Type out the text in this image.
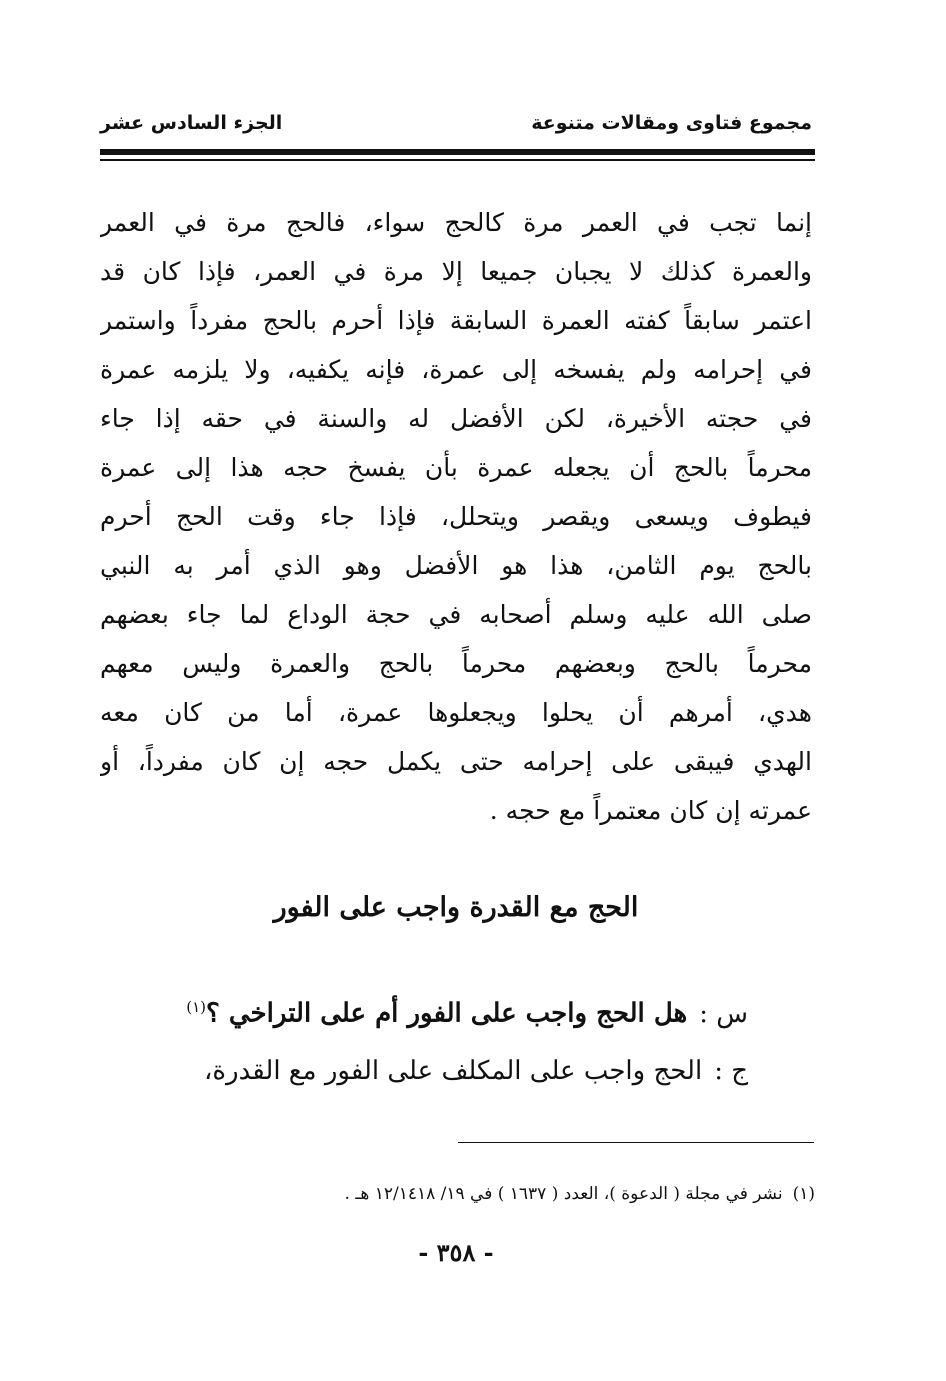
مجموع فتاوى ومقالات متنوعة
الجزء السادس عشر
إنما تجب في العمر مرة كالحج سواء، فالحج مرة في العمر
والعمرة كذلك لا يجبان جميعا إلا مرة في العمر، فإذا كان قد
اعتمر سابقاً كفته العمرة السابقة فإذا أحرم بالحج مفرداً واستمر
في إحرامه ولم يفسخه إلى عمرة، فإنه يكفيه، ولا يلزمه عمرة
في حجته الأخيرة، لكن الأفضل له والسنة في حقه إذا جاء
محرماً بالحج أن يجعله عمرة بأن يفسخ حجه هذا إلى عمرة
فيطوف ويسعى ويقصر ويتحلل، فإذا جاء وقت الحج أحرم
بالحج يوم الثامن، هذا هو الأفضل وهو الذي أمر به النبي
صلى الله عليه وسلم أصحابه في حجة الوداع لما جاء بعضهم
محرماً بالحج وبعضهم محرماً بالحج والعمرة وليس معهم
هدي، أمرهم أن يحلوا ويجعلوها عمرة، أما من كان معه
الهدي فيبقى على إحرامه حتى يكمل حجه إن كان مفرداً، أو
عمرته إن كان معتمراً مع حجه .
الحج مع القدرة واجب على الفور
س :هل الحج واجب على الفور أم على التراخي ؟$^{(١)}$
ج :الحج واجب على المكلف على الفور مع القدرة،
(١)نشر في مجلة ( الدعوة )، العدد ( ١٦٣٧ ) في ١٩/ ١٢/١٤١٨ هـ .
- ٣٥٨ -
